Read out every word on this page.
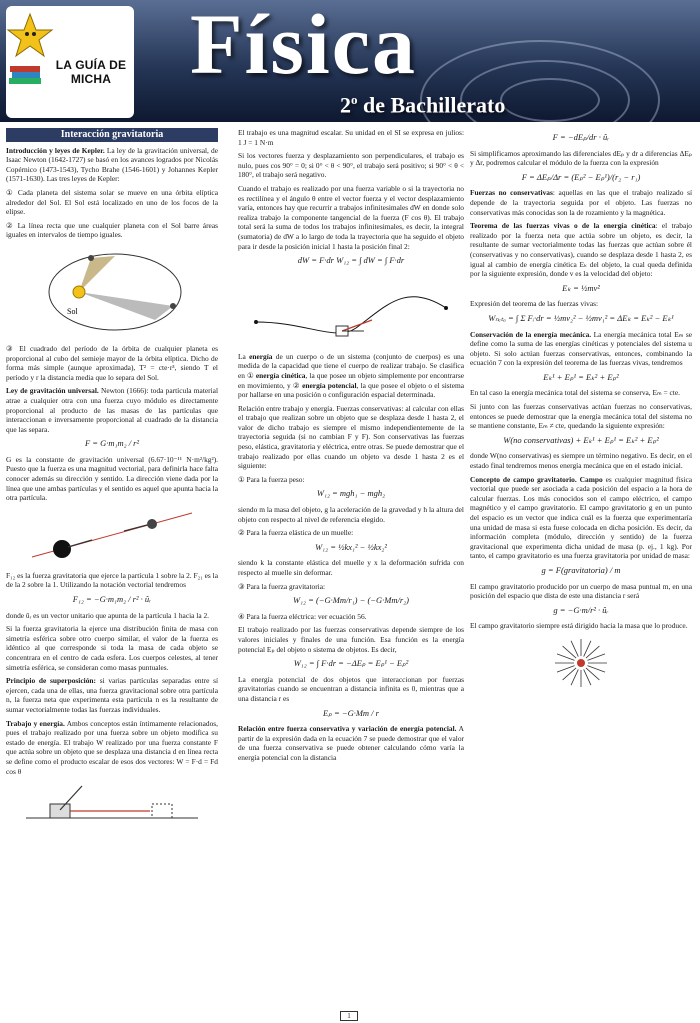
LA GUÍA DE MICHA Física
2$^o$ de Bachillerato
Interacción gravitatoria
Introducción y leyes de Kepler. La ley de la gravitación universal, de Isaac Newton (1642-1727) se basó en los avances logrados por Nicolás Copérnico (1473-1543), Tycho Brahe (1546-1601) y Johannes Kepler (1571-1630). Las tres leyes de Kepler:
① Cada planeta del sistema solar se mueve en una órbita elíptica alrededor del Sol. El Sol está localizado en uno de los focos de la elipse.
② La línea recta que une cualquier planeta con el Sol barre áreas iguales en intervalos de tiempo iguales.
Sol
③ El cuadrado del período de la órbita de cualquier planeta es proporcional al cubo del semieje mayor de la órbita elíptica. Dicho de forma más simple (aunque aproximada), T² = cte·r³, siendo T el período y r la distancia media que lo separa del Sol.
Ley de gravitación universal. Newton (1666): toda partícula material atrae a cualquier otra con una fuerza cuyo módulo es directamente proporcional al producto de las masas de las partículas que interaccionan e inversamente proporcional al cuadrado de la distancia que las separa.
F = G·m₁m₂ / r²
G es la constante de gravitación universal (6.67·10⁻¹¹ N·m²/kg²). Puesto que la fuerza es una magnitud vectorial, para definirla hace falta conocer además su dirección y sentido. La dirección viene dada por la línea que une ambas partículas y el sentido es aquel que apunta hacia la otra partícula.
F₁₂ es la fuerza gravitatoria que ejerce la partícula 1 sobre la 2. F₂₁ es la de la 2 sobre la 1. Utilizando la notación vectorial tendremos
F₁₂ = −G·m₁m₂ / r² · ûᵣ
donde ûᵣ es un vector unitario que apunta de la partícula 1 hacia la 2.
Si la fuerza gravitatoria la ejerce una distribución finita de masa con simetría esférica sobre otro cuerpo similar, el valor de la fuerza es idéntico al que corresponde si toda la masa de cada objeto se concentrara en el centro de cada esfera. Los cuerpos celestes, al tener simetría esférica, se consideran como masas puntuales.
Principio de superposición: si varias partículas separadas entre sí ejercen, cada una de ellas, una fuerza gravitacional sobre otra partícula n, la fuerza neta que experimenta esta partícula n es la resultante de sumar vectorialmente todas las fuerzas individuales.
Trabajo y energía. Ambos conceptos están íntimamente relacionados, pues el trabajo realizado por una fuerza sobre un objeto modifica su estado de energía. El trabajo W realizado por una fuerza constante F que actúa sobre un objeto que se desplaza una distancia d en línea recta se define como el producto escalar de esos dos vectores: W = F·d = Fd cos θ
El trabajo es una magnitud escalar. Su unidad en el SI se expresa en julios: 1 J = 1 N·m
Si los vectores fuerza y desplazamiento son perpendiculares, el trabajo es nulo, pues cos 90° = 0; si 0° < θ < 90°, el trabajo será positivo; si 90° < θ < 180°, el trabajo será negativo.
Cuando el trabajo es realizado por una fuerza variable o si la trayectoria no es rectilínea y el ángulo θ entre el vector fuerza y el vector desplazamiento varía, entonces hay que recurrir a trabajos infinitesimales dW en donde solo realiza trabajo la componente tangencial de la fuerza (F cos θ). El trabajo total será la suma de todos los trabajos infinitesimales, es decir, la integral (sumatoria) de dW a lo largo de toda la trayectoria que ha seguido el objeto para ir desde la posición inicial 1 hasta la posición final 2:
dW = F·dr W₁₂ = ∫ dW = ∫ F·dr
La energía de un cuerpo o de un sistema (conjunto de cuerpos) es una medida de la capacidad que tiene el cuerpo de realizar trabajo. Se clasifica en ① energía cinética, la que posee un objeto simplemente por encontrarse en movimiento, y ② energía potencial, la que posee el objeto o el sistema por hallarse en una posición o configuración espacial determinada.
Relación entre trabajo y energía. Fuerzas conservativas: al calcular con ellas el trabajo que realizan sobre un objeto que se desplaza desde 1 hasta 2, el valor de dicho trabajo es siempre el mismo independientemente de la trayectoria seguida (si no cambian F y F). Son conservativas las fuerzas peso, elástica, gravitatoria y eléctrica, entre otras. Se puede demostrar que el trabajo realizado por ellas cuando un objeto va desde 1 hasta 2 es el siguiente:
① Para la fuerza peso:
W₁₂ = mgh₁ − mgh₂
siendo m la masa del objeto, g la aceleración de la gravedad y h la altura del objeto con respecto al nivel de referencia elegido.
② Para la fuerza elástica de un muelle:
W₁₂ = ½kx₁² − ½kx₂²
siendo k la constante elástica del muelle y x la deformación sufrida con respecto al muelle sin deformar.
③ Para la fuerza gravitatoria:
W₁₂ = (−G·Mm/r₁) − (−G·Mm/r₂)
④ Para la fuerza eléctrica: ver ecuación 56.
El trabajo realizado por las fuerzas conservativas depende siempre de los valores iniciales y finales de una función. Esa función es la energía potencial Eₚ del objeto o sistema de objetos. Es decir,
W₁₂ = ∫ F·dr = −ΔEₚ = Eₚ¹ − Eₚ²
La energía potencial de dos objetos que interaccionan por fuerzas gravitatorias cuando se encuentran a distancia infinita es 0, mientras que a una distancia r es
Eₚ = −G·Mm / r
Relación entre fuerza conservativa y variación de energía potencial. A partir de la expresión dada en la ecuación 7 se puede demostrar que el valor de una fuerza conservativa se puede obtener calculando cómo varía la energía potencial con la distancia
F = −dEₚ/dr · ûᵣ
Si simplificamos aproximando las diferenciales dEₚ y dr a diferencias ΔEₚ y Δr, podremos calcular el módulo de la fuerza con la expresión
F = ΔEₚ/Δr = (Eₚ² − Eₚ¹)/(r₂ − r₁)
Fuerzas no conservativas: aquellas en las que el trabajo realizado sí depende de la trayectoria seguida por el objeto. Las fuerzas no conservativas más conocidas son la de rozamiento y la magnética.
Teorema de las fuerzas vivas o de la energía cinética: el trabajo realizado por la fuerza neta que actúa sobre un objeto, es decir, la resultante de sumar vectorialmente todas las fuerzas que actúan sobre él (conservativas y no conservativas), cuando se desplaza desde 1 hasta 2, es igual al cambio de energía cinética Eₖ del objeto, la cual queda definida por la siguiente expresión, donde v es la velocidad del objeto:
Eₖ = ½mv²
Expresión del teorema de las fuerzas vivas:
Wₙₑₜₐ = ∫ Σ Fᵢ·dr = ½mv₂² − ½mv₁² = ΔEₖ = Eₖ² − Eₖ¹
Conservación de la energía mecánica. La energía mecánica total Eₘ se define como la suma de las energías cinéticas y potenciales del sistema u objeto. Si solo actúan fuerzas conservativas, entonces, combinando la ecuación 7 con la expresión del teorema de las fuerzas vivas, tendremos
Eₖ¹ + Eₚ¹ = Eₖ² + Eₚ²
En tal caso la energía mecánica total del sistema se conserva, Eₘ = cte.
Si junto con las fuerzas conservativas actúan fuerzas no conservativas, entonces se puede demostrar que la energía mecánica total del sistema no se mantiene constante, Eₘ ≠ cte, quedando la siguiente expresión:
W(no conservativas) + Eₖ¹ + Eₚ¹ = Eₖ² + Eₚ²
donde W(no conservativas) es siempre un término negativo. Es decir, en el estado final tendremos menos energía mecánica que en el estado inicial.
Concepto de campo gravitatorio. Campo es cualquier magnitud física vectorial que puede ser asociada a cada posición del espacio a la hora de calcular fuerzas. Los más conocidos son el campo eléctrico, el campo magnético y el campo gravitatorio. El campo gravitatorio g en un punto del espacio es un vector que indica cuál es la fuerza que experimentaría una unidad de masa si esta fuese colocada en dicha posición. Es decir, da información completa (módulo, dirección y sentido) de la fuerza gravitacional que experimenta dicha unidad de masa (p. ej., 1 kg). Por tanto, el campo gravitatorio es una fuerza gravitatoria por unidad de masa:
g = F(gravitatoria) / m
El campo gravitatorio producido por un cuerpo de masa puntual m, en una posición del espacio que dista de este una distancia r será
g = −G·m/r² · ûᵣ
El campo gravitatorio siempre está dirigido hacia la masa que lo produce.
1
